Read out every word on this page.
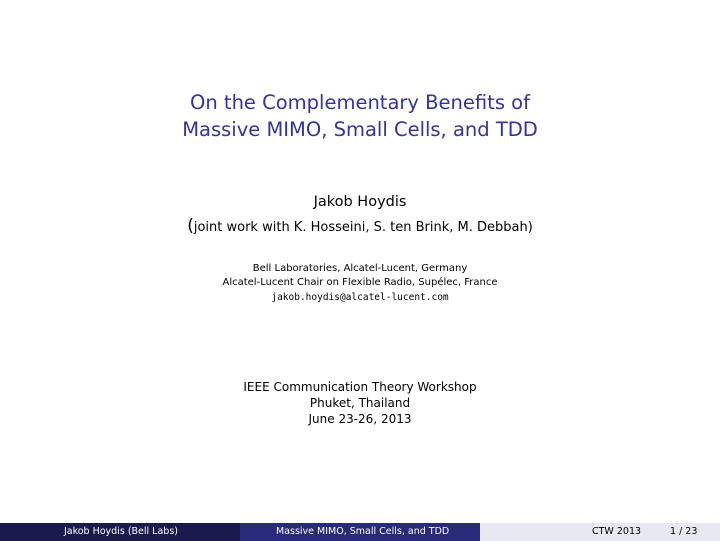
On the Complementary Benefits of
Massive MIMO, Small Cells, and TDD
Jakob Hoydis
(joint work with K. Hosseini, S. ten Brink, M. Debbah)
Bell Laboratories, Alcatel-Lucent, Germany
Alcatel-Lucent Chair on Flexible Radio, Supélec, France
jakob.hoydis@alcatel-lucent.com
IEEE Communication Theory Workshop
Phuket, Thailand
June 23-26, 2013
Jakob Hoydis (Bell Labs)	Massive MIMO, Small Cells, and TDD	CTW 2013	1 / 23
